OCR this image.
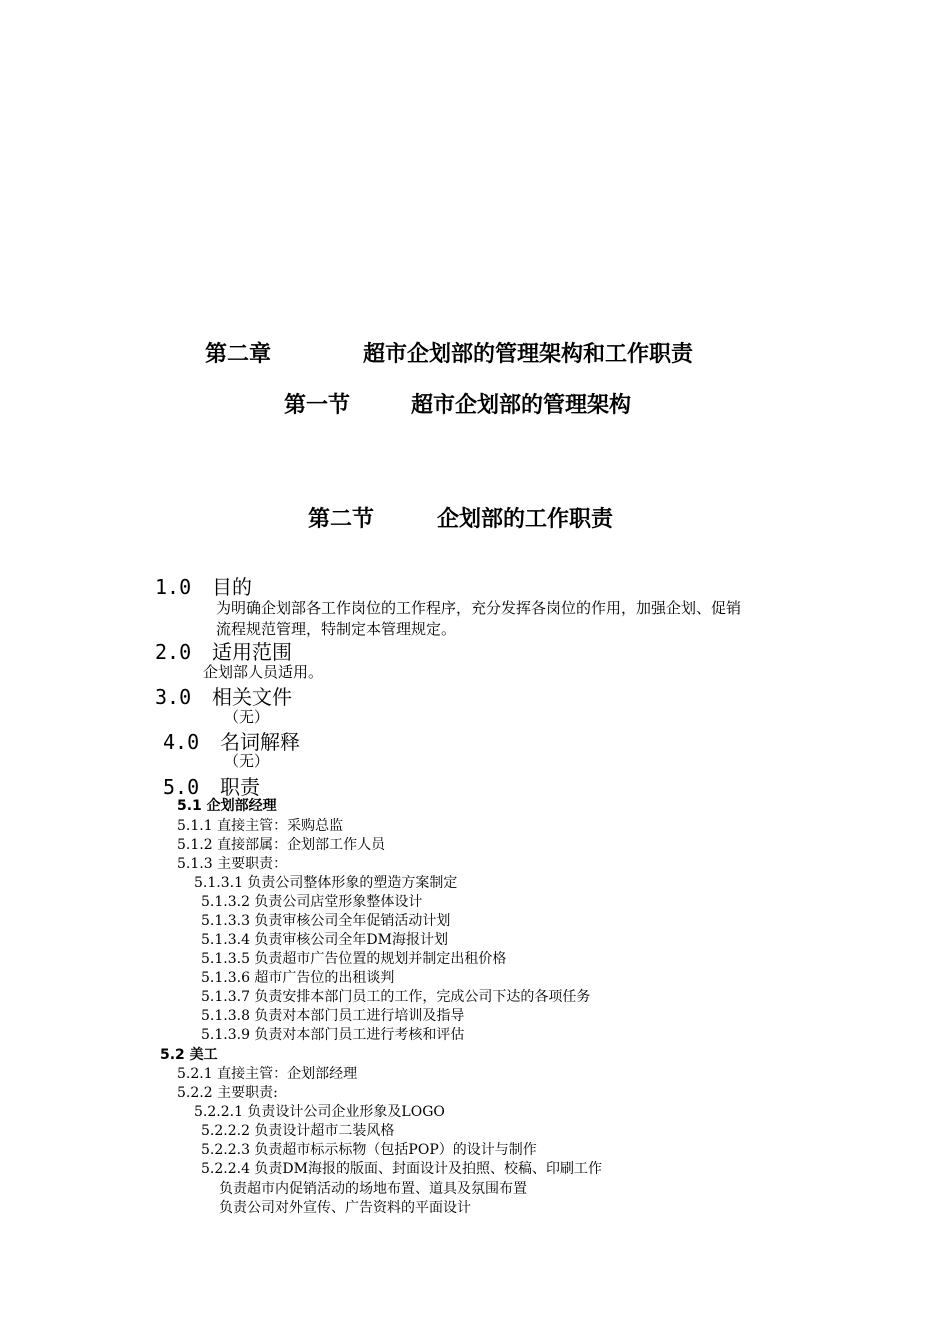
第二章	超市企划部的管理架构和工作职责
第一节	超市企划部的管理架构
第二节	企划部的工作职责
1.0 目的
为明确企划部各工作岗位的工作程序，充分发挥各岗位的作用，加强企划、促销
流程规范管理，特制定本管理规定。
2.0 适用范围
企划部人员适用。
3.0 相关文件
（无）
4.0 名词解释
（无）
5.0 职责
5.1 企划部经理
5.1.1 直接主管：采购总监
5.1.2 直接部属：企划部工作人员
5.1.3 主要职责：
5.1.3.1 负责公司整体形象的塑造方案制定
5.1.3.2 负责公司店堂形象整体设计
5.1.3.3 负责审核公司全年促销活动计划
5.1.3.4 负责审核公司全年DM海报计划
5.1.3.5 负责超市广告位置的规划并制定出租价格
5.1.3.6 超市广告位的出租谈判
5.1.3.7 负责安排本部门员工的工作，完成公司下达的各项任务
5.1.3.8 负责对本部门员工进行培训及指导
5.1.3.9 负责对本部门员工进行考核和评估
5.2 美工
5.2.1 直接主管：企划部经理
5.2.2 主要职责:
5.2.2.1 负责设计公司企业形象及LOGO
5.2.2.2 负责设计超市二装风格
5.2.2.3 负责超市标示标物（包括POP）的设计与制作
5.2.2.4 负责DM海报的版面、封面设计及拍照、校稿、印刷工作
负责超市内促销活动的场地布置、道具及氛围布置
负责公司对外宣传、广告资料的平面设计
